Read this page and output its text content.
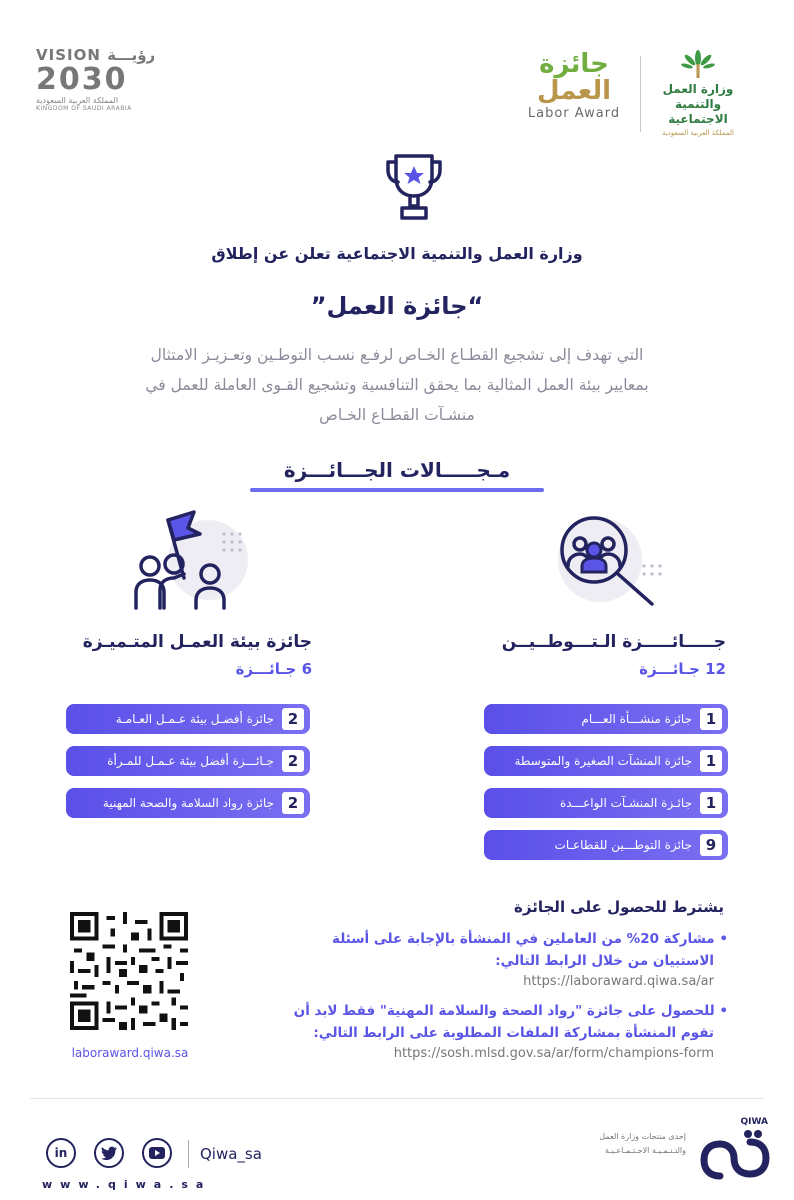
VISION رؤيـــة
2030
المملكة العربية السعودية
KINGDOM OF SAUDI ARABIA
جائزة
العمل
Labor Award
وزارة العمل
والتنمية الاجتماعية
المملكة العربية السعودية
وزارة العمل والتنمية الاجتماعية تعلن عن إطلاق
“جائزة العمل”
التي تهدف إلى تشجيع القطـاع الخـاص لرفـع نسـب التوطـين وتعـزيـز الامتثال
بمعايير بيئة العمل المثالية بما يحقق التنافسية وتشجيع القـوى العاملة للعمل في
منشـآت القطـاع الخـاص
مـجـــــالات الجـــائـــزة
جائزة بيئة العمـل المتـميـزة
6 جـائـــزة
2
جائزة أفضـل بيئة عـمـل العـامـة
2
جـائـــزة أفضل بيئة عـمـل للمـرأة
2
جائزة رواد السلامة والصحة المهنية
جـــــائـــــزة الـتـــوطــيــن
12 جـائـــزة
1
جائزة منشـــأة العـــام
1
جائزة المنشآت الصغيرة والمتوسطة
1
جائـزة المنشـآت الواعـــدة
9
جائزة التوطـــين للقطاعـات
يشترط للحصول على الجائزة
• مشاركة 20% من العاملين في المنشأة بالإجابة على أسئلة
الاستبيان من خلال الرابط التالي:
https://laboraward.qiwa.sa/ar
• للحصول على جائزة "رواد الصحة والسلامة المهنية" فقط لابد أن
تقوم المنشأة بمشاركة الملفات المطلوبة على الرابط التالي:
https://sosh.mlsd.gov.sa/ar/form/champions-form
laboraward.qiwa.sa
in	Qiwa_sa
www.qiwa.sa
إحدى منتجات وزارة العمل
والتـنـمـيـة الاجـتـمـاعـيـة
QIWA
